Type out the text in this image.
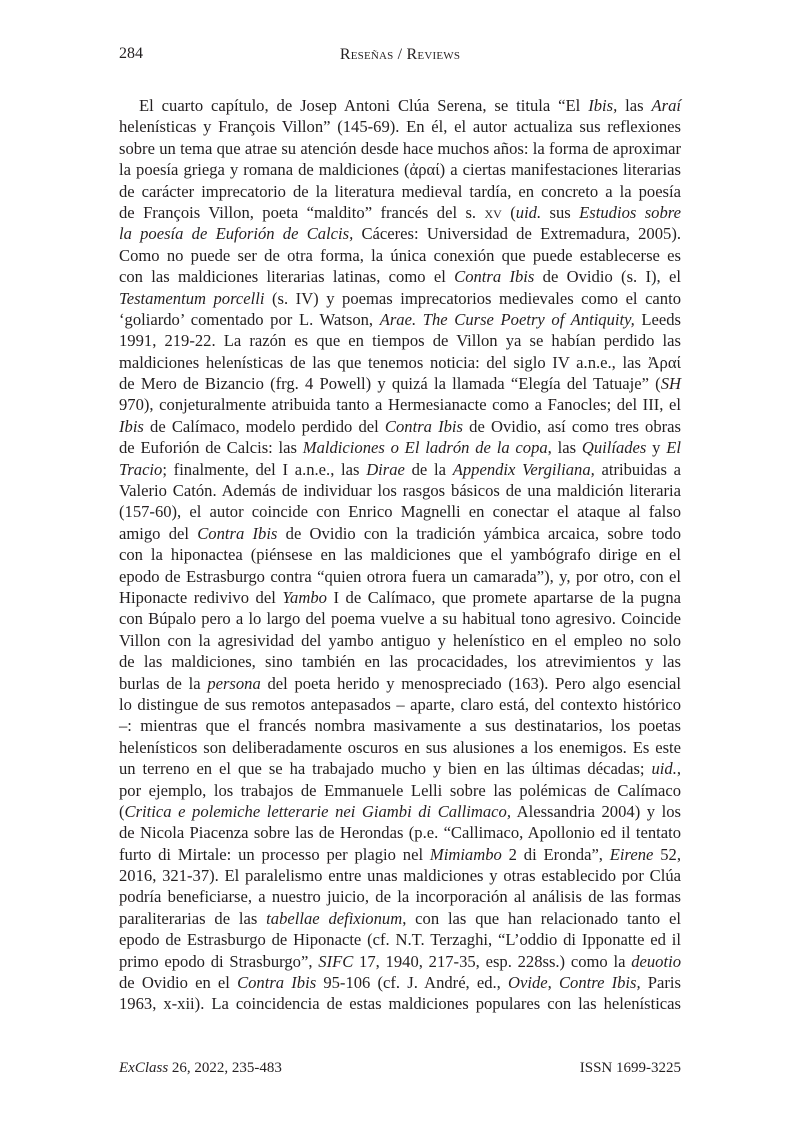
284	Reseñas / Reviews
El cuarto capítulo, de Josep Antoni Clúa Serena, se titula “El Ibis, las Araí
helenísticas y François Villon” (145-69). En él, el autor actualiza sus reflexiones
sobre un tema que atrae su atención desde hace muchos años: la forma de aproximar
la poesía griega y romana de maldiciones (ἀραί) a ciertas manifestaciones literarias
de carácter imprecatorio de la literatura medieval tardía, en concreto a la poesía
de François Villon, poeta “maldito” francés del s. xv (uid. sus Estudios sobre
la poesía de Euforión de Calcis, Cáceres: Universidad de Extremadura, 2005).
Como no puede ser de otra forma, la única conexión que puede establecerse es
con las maldiciones literarias latinas, como el Contra Ibis de Ovidio (s. I), el
Testamentum porcelli (s. IV) y poemas imprecatorios medievales como el canto
‘goliardo’ comentado por L. Watson, Arae. The Curse Poetry of Antiquity, Leeds
1991, 219-22. La razón es que en tiempos de Villon ya se habían perdido las
maldiciones helenísticas de las que tenemos noticia: del siglo IV a.n.e., las Ἀραί
de Mero de Bizancio (frg. 4 Powell) y quizá la llamada “Elegía del Tatuaje” (SH
970), conjeturalmente atribuida tanto a Hermesianacte como a Fanocles; del III, el
Ibis de Calímaco, modelo perdido del Contra Ibis de Ovidio, así como tres obras
de Euforión de Calcis: las Maldiciones o El ladrón de la copa, las Quilíades y El
Tracio; finalmente, del I a.n.e., las Dirae de la Appendix Vergiliana, atribuidas a
Valerio Catón. Además de individuar los rasgos básicos de una maldición literaria
(157-60), el autor coincide con Enrico Magnelli en conectar el ataque al falso
amigo del Contra Ibis de Ovidio con la tradición yámbica arcaica, sobre todo
con la hiponactea (piénsese en las maldiciones que el yambógrafo dirige en el
epodo de Estrasburgo contra “quien otrora fuera un camarada”), y, por otro, con el
Hiponacte redivivo del Yambo I de Calímaco, que promete apartarse de la pugna
con Búpalo pero a lo largo del poema vuelve a su habitual tono agresivo. Coincide
Villon con la agresividad del yambo antiguo y helenístico en el empleo no solo
de las maldiciones, sino también en las procacidades, los atrevimientos y las
burlas de la persona del poeta herido y menospreciado (163). Pero algo esencial
lo distingue de sus remotos antepasados – aparte, claro está, del contexto histórico
–: mientras que el francés nombra masivamente a sus destinatarios, los poetas
helenísticos son deliberadamente oscuros en sus alusiones a los enemigos. Es este
un terreno en el que se ha trabajado mucho y bien en las últimas décadas; uid.,
por ejemplo, los trabajos de Emmanuele Lelli sobre las polémicas de Calímaco
(Critica e polemiche letterarie nei Giambi di Callimaco, Alessandria 2004) y los
de Nicola Piacenza sobre las de Herondas (p.e. “Callimaco, Apollonio ed il tentato
furto di Mirtale: un processo per plagio nel Mimiambo 2 di Eronda”, Eirene 52,
2016, 321-37). El paralelismo entre unas maldiciones y otras establecido por Clúa
podría beneficiarse, a nuestro juicio, de la incorporación al análisis de las formas
paraliterarias de las tabellae defixionum, con las que han relacionado tanto el
epodo de Estrasburgo de Hiponacte (cf. N.T. Terzaghi, “L’oddio di Ipponatte ed il
primo epodo di Strasburgo”, SIFC 17, 1940, 217-35, esp. 228ss.) como la deuotio
de Ovidio en el Contra Ibis 95-106 (cf. J. André, ed., Ovide, Contre Ibis, Paris
1963, x-xii). La coincidencia de estas maldiciones populares con las helenísticas
ExClass 26, 2022, 235-483	ISSN 1699-3225
